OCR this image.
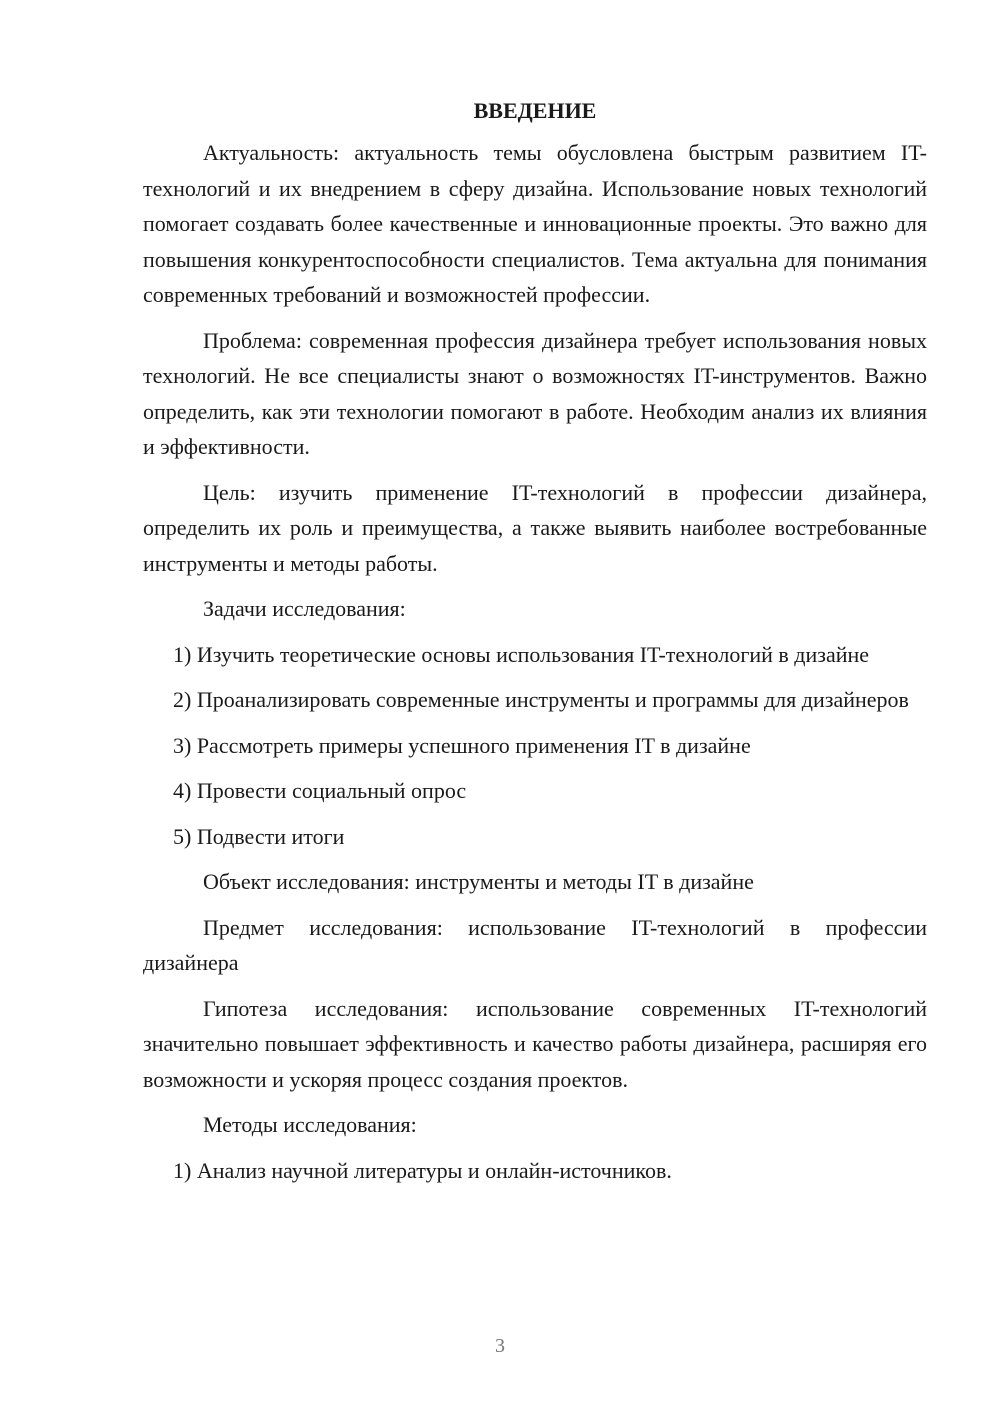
ВВЕДЕНИЕ

Актуальность: актуальность темы обусловлена быстрым развитием IT-технологий и их внедрением в сферу дизайна. Использование новых технологий помогает создавать более качественные и инновационные проекты. Это важно для повышения конкурентоспособности специалистов. Тема актуальна для понимания современных требований и возможностей профессии.

Проблема: современная профессия дизайнера требует использования новых технологий. Не все специалисты знают о возможностях IT-инструментов. Важно определить, как эти технологии помогают в работе. Необходим анализ их влияния и эффективности.

Цель: изучить применение IT-технологий в профессии дизайнера, определить их роль и преимущества, а также выявить наиболее востребованные инструменты и методы работы.

Задачи исследования:

1) Изучить теоретические основы использования IT-технологий в дизайне

2) Проанализировать современные инструменты и программы для дизайнеров

3) Рассмотреть примеры успешного применения IT в дизайне

4) Провести социальный опрос

5) Подвести итоги

Объект исследования: инструменты и методы IT в дизайне

Предмет исследования: использование IT-технологий в профессии дизайнера

Гипотеза исследования: использование современных IT-технологий значительно повышает эффективность и качество работы дизайнера, расширяя его возможности и ускоряя процесс создания проектов.

Методы исследования:

1) Анализ научной литературы и онлайн-источников.

3
